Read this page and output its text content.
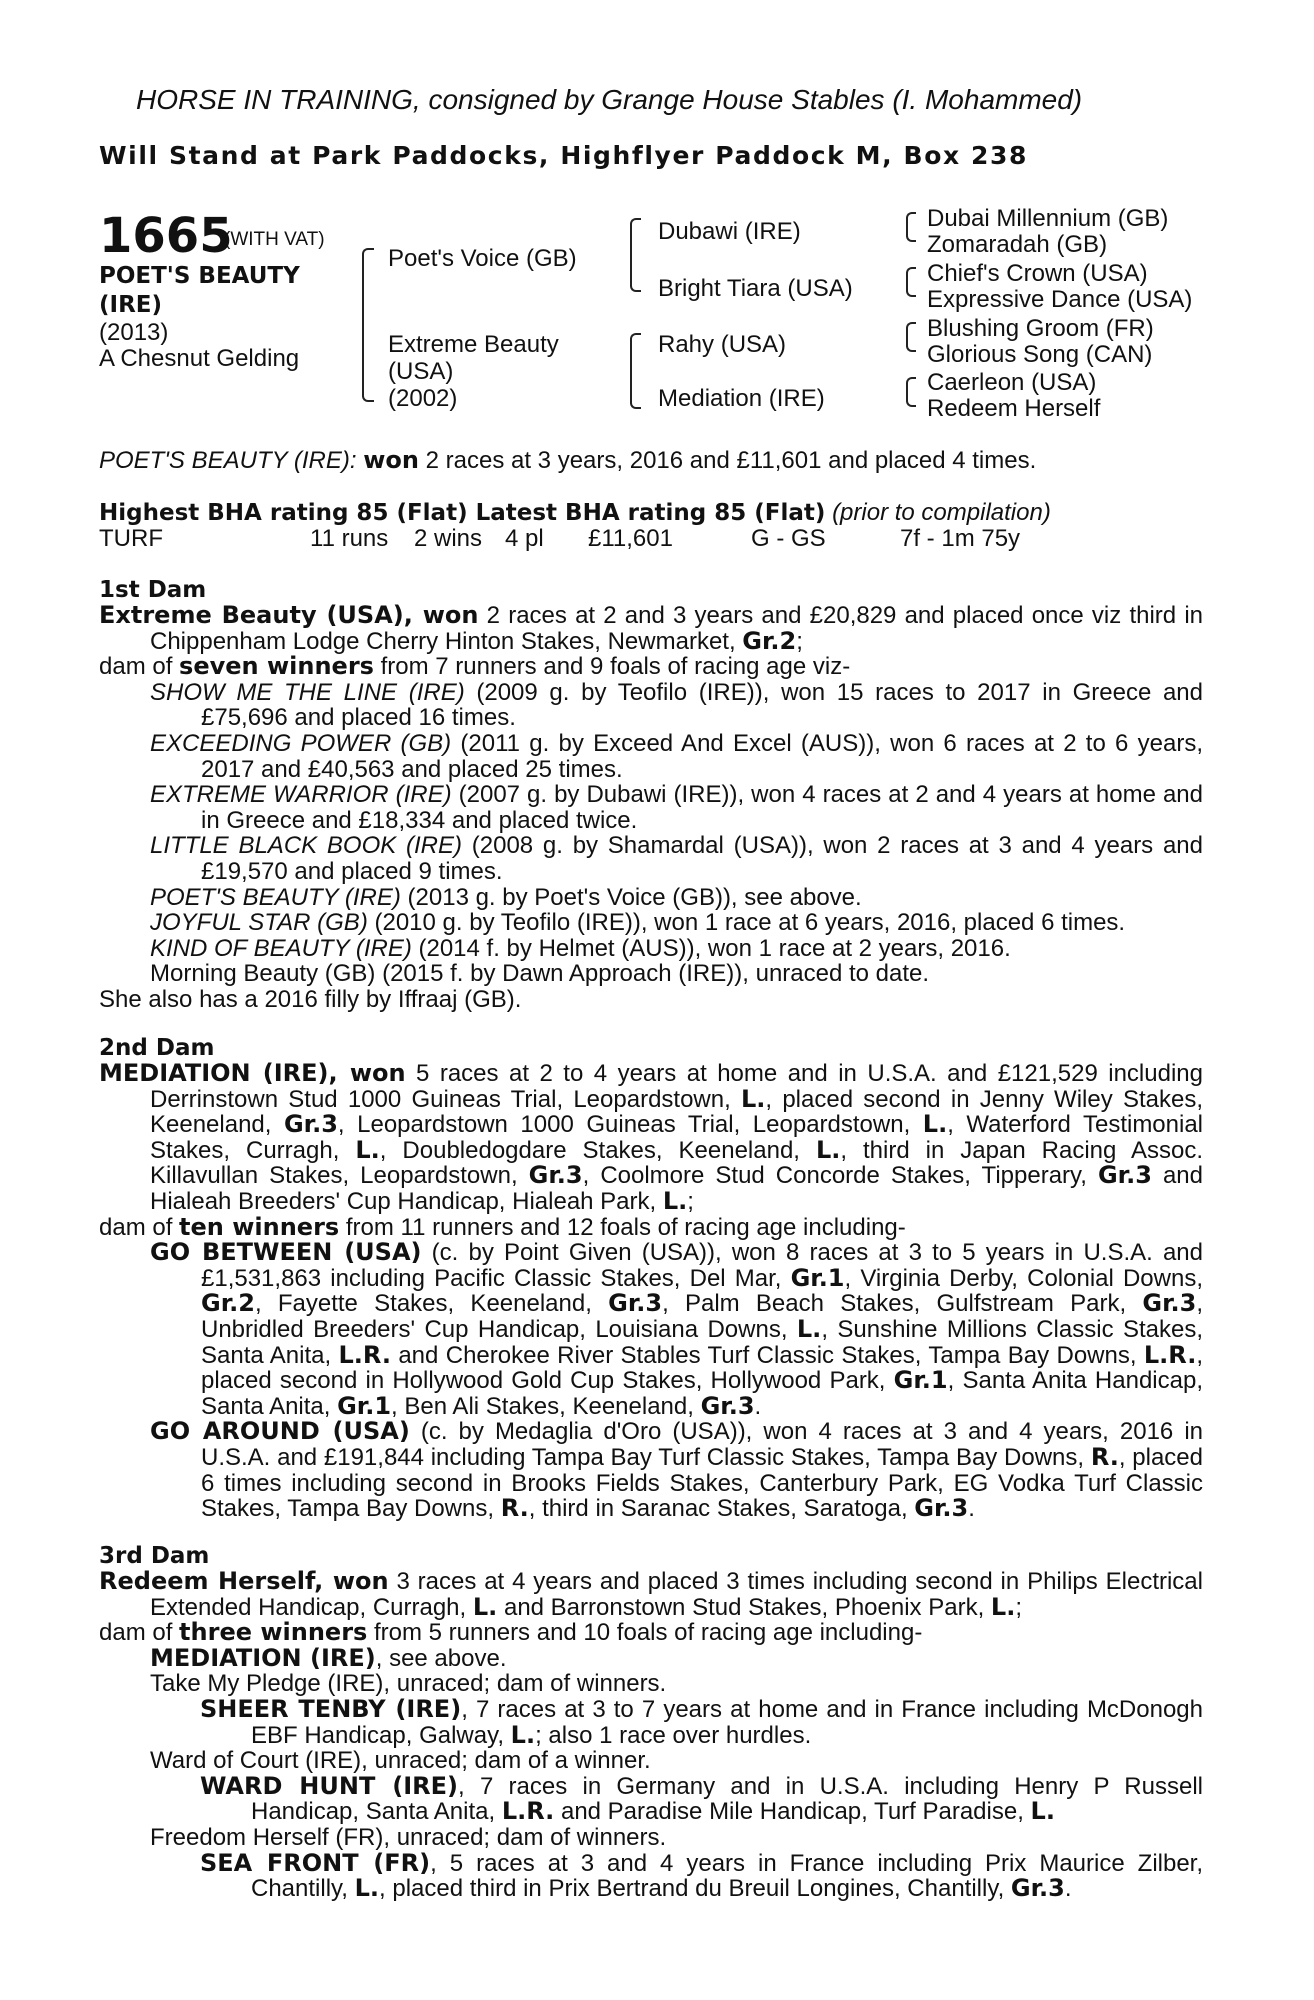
HORSE IN TRAINING, consigned by Grange House Stables (I. Mohammed)
Will Stand at Park Paddocks, Highflyer Paddock M, Box 238
1665
(WITH VAT)
POET'S BEAUTY
(IRE)
(2013)
A Chesnut Gelding
Poet's Voice (GB)
Extreme Beauty
(USA)
(2002)
Dubawi (IRE)
Bright Tiara (USA)
Rahy (USA)
Mediation (IRE)
Dubai Millennium (GB)
Zomaradah (GB)
Chief's Crown (USA)
Expressive Dance (USA)
Blushing Groom (FR)
Glorious Song (CAN)
Caerleon (USA)
Redeem Herself
POET'S BEAUTY (IRE): won 2 races at 3 years, 2016 and £11,601 and placed 4 times.
Highest BHA rating 85 (Flat) Latest BHA rating 85 (Flat) (prior to compilation)
TURF	11 runs 2 wins 4 pl £11,601	G - GS	7f - 1m 75y
1st Dam
Extreme Beauty (USA), won 2 races at 2 and 3 years and £20,829 and placed once viz third in Chippenham Lodge Cherry Hinton Stakes, Newmarket, Gr.2;
dam of seven winners from 7 runners and 9 foals of racing age viz-
SHOW ME THE LINE (IRE) (2009 g. by Teofilo (IRE)), won 15 races to 2017 in Greece and £75,696 and placed 16 times.
EXCEEDING POWER (GB) (2011 g. by Exceed And Excel (AUS)), won 6 races at 2 to 6 years, 2017 and £40,563 and placed 25 times.
EXTREME WARRIOR (IRE) (2007 g. by Dubawi (IRE)), won 4 races at 2 and 4 years at home and in Greece and £18,334 and placed twice.
LITTLE BLACK BOOK (IRE) (2008 g. by Shamardal (USA)), won 2 races at 3 and 4 years and £19,570 and placed 9 times.
POET'S BEAUTY (IRE) (2013 g. by Poet's Voice (GB)), see above.
JOYFUL STAR (GB) (2010 g. by Teofilo (IRE)), won 1 race at 6 years, 2016, placed 6 times.
KIND OF BEAUTY (IRE) (2014 f. by Helmet (AUS)), won 1 race at 2 years, 2016.
Morning Beauty (GB) (2015 f. by Dawn Approach (IRE)), unraced to date.
She also has a 2016 filly by Iffraaj (GB).
2nd Dam
MEDIATION (IRE), won 5 races at 2 to 4 years at home and in U.S.A. and £121,529 including Derrinstown Stud 1000 Guineas Trial, Leopardstown, L., placed second in Jenny Wiley Stakes, Keeneland, Gr.3, Leopardstown 1000 Guineas Trial, Leopardstown, L., Waterford Testimonial Stakes, Curragh, L., Doubledogdare Stakes, Keeneland, L., third in Japan Racing Assoc. Killavullan Stakes, Leopardstown, Gr.3, Coolmore Stud Concorde Stakes, Tipperary, Gr.3 and Hialeah Breeders' Cup Handicap, Hialeah Park, L.;
dam of ten winners from 11 runners and 12 foals of racing age including-
GO BETWEEN (USA) (c. by Point Given (USA)), won 8 races at 3 to 5 years in U.S.A. and £1,531,863 including Pacific Classic Stakes, Del Mar, Gr.1, Virginia Derby, Colonial Downs, Gr.2, Fayette Stakes, Keeneland, Gr.3, Palm Beach Stakes, Gulfstream Park, Gr.3, Unbridled Breeders' Cup Handicap, Louisiana Downs, L., Sunshine Millions Classic Stakes, Santa Anita, L.R. and Cherokee River Stables Turf Classic Stakes, Tampa Bay Downs, L.R., placed second in Hollywood Gold Cup Stakes, Hollywood Park, Gr.1, Santa Anita Handicap, Santa Anita, Gr.1, Ben Ali Stakes, Keeneland, Gr.3.
GO AROUND (USA) (c. by Medaglia d'Oro (USA)), won 4 races at 3 and 4 years, 2016 in U.S.A. and £191,844 including Tampa Bay Turf Classic Stakes, Tampa Bay Downs, R., placed 6 times including second in Brooks Fields Stakes, Canterbury Park, EG Vodka Turf Classic Stakes, Tampa Bay Downs, R., third in Saranac Stakes, Saratoga, Gr.3.
3rd Dam
Redeem Herself, won 3 races at 4 years and placed 3 times including second in Philips Electrical Extended Handicap, Curragh, L. and Barronstown Stud Stakes, Phoenix Park, L.;
dam of three winners from 5 runners and 10 foals of racing age including-
MEDIATION (IRE), see above.
Take My Pledge (IRE), unraced; dam of winners.
SHEER TENBY (IRE), 7 races at 3 to 7 years at home and in France including McDonogh EBF Handicap, Galway, L.; also 1 race over hurdles.
Ward of Court (IRE), unraced; dam of a winner.
WARD HUNT (IRE), 7 races in Germany and in U.S.A. including Henry P Russell Handicap, Santa Anita, L.R. and Paradise Mile Handicap, Turf Paradise, L.
Freedom Herself (FR), unraced; dam of winners.
SEA FRONT (FR), 5 races at 3 and 4 years in France including Prix Maurice Zilber, Chantilly, L., placed third in Prix Bertrand du Breuil Longines, Chantilly, Gr.3.
